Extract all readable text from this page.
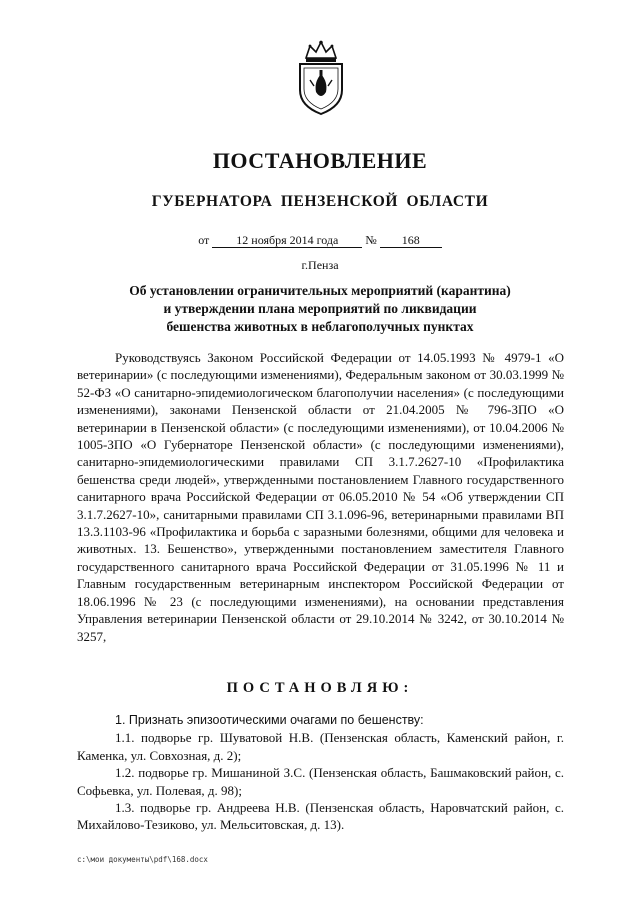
ПОСТАНОВЛЕНИЕ
ГУБЕРНАТОРА ПЕНЗЕНСКОЙ ОБЛАСТИ
от 12 ноября 2014 года № 168
г.Пенза
Об установлении ограничительных мероприятий (карантина)
и утверждении плана мероприятий по ликвидации
бешенства животных в неблагополучных пунктах

Руководствуясь Законом Российской Федерации от 14.05.1993 № 4979-1 «О ветеринарии» (с последующими изменениями), Федеральным законом от 30.03.1999 № 52-ФЗ «О санитарно-эпидемиологическом благополучии населения» (с последующими изменениями), законами Пензенской области от 21.04.2005 № 796-ЗПО «О ветеринарии в Пензенской области» (с последующими изменениями), от 10.04.2006 № 1005-ЗПО «О Губернаторе Пензенской области» (с последующими изменениями), санитарно-эпидемиологическими правилами СП 3.1.7.2627-10 «Профилактика бешенства среди людей», утвержденными постановлением Главного государственного санитарного врача Российской Федерации от 06.05.2010 № 54 «Об утверждении СП 3.1.7.2627-10», санитарными правилами СП 3.1.096-96, ветеринарными правилами ВП 13.3.1103-96 «Профилактика и борьба с заразными болезнями, общими для человека и животных. 13. Бешенство», утвержденными постановлением заместителя Главного государственного санитарного врача Российской Федерации от 31.05.1996 № 11 и Главным государственным ветеринарным инспектором Российской Федерации от 18.06.1996 № 23 (с последующими изменениями), на основании представления Управления ветеринарии Пензенской области от 29.10.2014 № 3242, от 30.10.2014 № 3257,

ПОСТАНОВЛЯЮ:

1. Признать эпизоотическими очагами по бешенству:

1.1. подворье гр. Шуватовой Н.В. (Пензенская область, Каменский район, г. Каменка, ул. Совхозная, д. 2);

1.2. подворье гр. Мишаниной З.С. (Пензенская область, Башмаковский район, с. Софьевка, ул. Полевая, д. 98);

1.3. подворье гр. Андреева Н.В. (Пензенская область, Наровчатский район, с. Михайлово-Тезиково, ул. Мельситовская, д. 13).

c:\мои документы\pdf\168.docx
